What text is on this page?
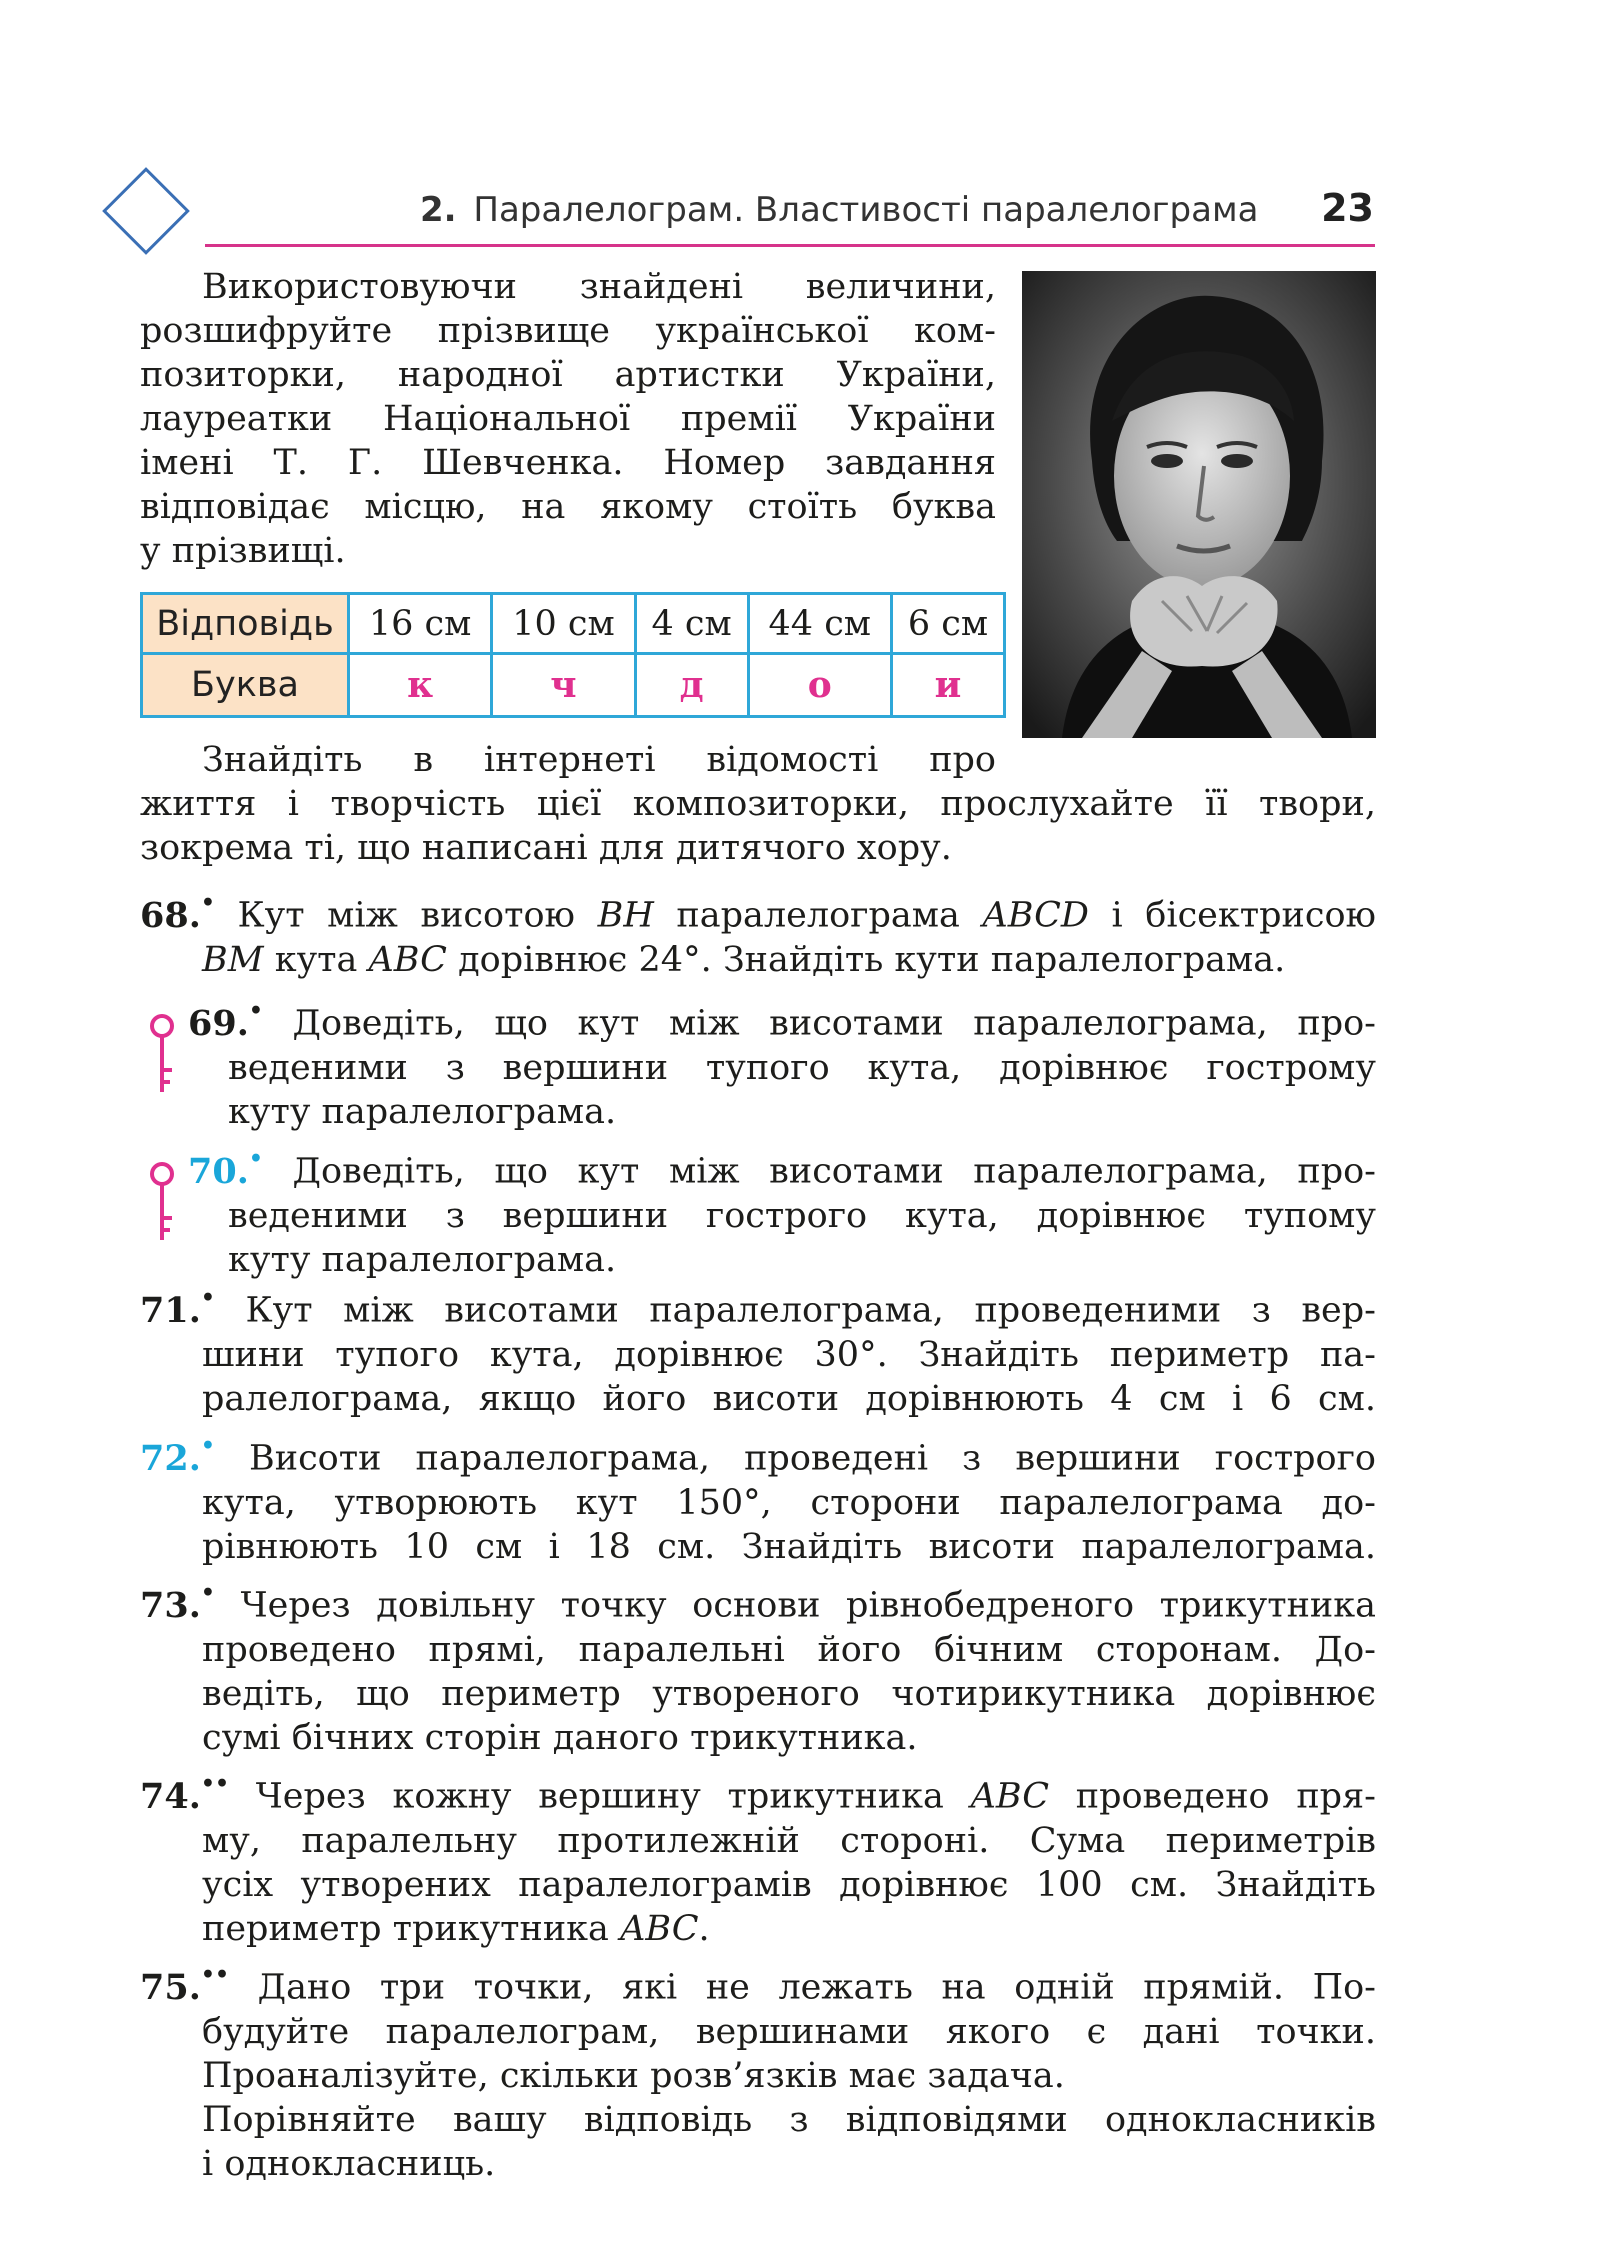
2. Паралелограм. Властивості паралелограма 23
Використовуючи знайдені величини,
розшифруйте прізвище української ком-
позиторки, народної артистки України,
лауреатки Національної премії України
імені Т. Г. Шевченка. Номер завдання
відповідає місцю, на якому стоїть буква
у прізвищі.
Відповідь	16 см	10 см	4 см	44 см	6 см
Буква	к	ч	д	о	и
Знайдіть в інтернеті відомості про
життя і творчість цієї композиторки, прослухайте її твори,
зокрема ті, що написані для дитячого хору.
68.• Кут між висотою BH паралелограма ABCD і бісектрисою
BM кута ABC дорівнює 24°. Знайдіть кути паралелограма.
69.• Доведіть, що кут між висотами паралелограма, про-
веденими з вершини тупого кута, дорівнює гострому
куту паралелограма.
70.• Доведіть, що кут між висотами паралелограма, про-
веденими з вершини гострого кута, дорівнює тупому
куту паралелограма.
71.• Кут між висотами паралелограма, проведеними з вер-
шини тупого кута, дорівнює 30°. Знайдіть периметр па-
ралелограма, якщо його висоти дорівнюють 4 см і 6 см.
72.• Висоти паралелограма, проведені з вершини гострого
кута, утворюють кут 150°, сторони паралелограма до-
рівнюють 10 см і 18 см. Знайдіть висоти паралелограма.
73.• Через довільну точку основи рівнобедреного трикутника
проведено прямі, паралельні його бічним сторонам. До-
ведіть, що периметр утвореного чотирикутника дорівнює
сумі бічних сторін даного трикутника.
74.•• Через кожну вершину трикутника ABC проведено пря-
му, паралельну протилежній стороні. Сума периметрів
усіх утворених паралелограмів дорівнює 100 см. Знайдіть
периметр трикутника ABC.
75.•• Дано три точки, які не лежать на одній прямій. По-
будуйте паралелограм, вершинами якого є дані точки.
Проаналізуйте, скільки розв’язків має задача.
Порівняйте вашу відповідь з відповідями однокласників
і однокласниць.
